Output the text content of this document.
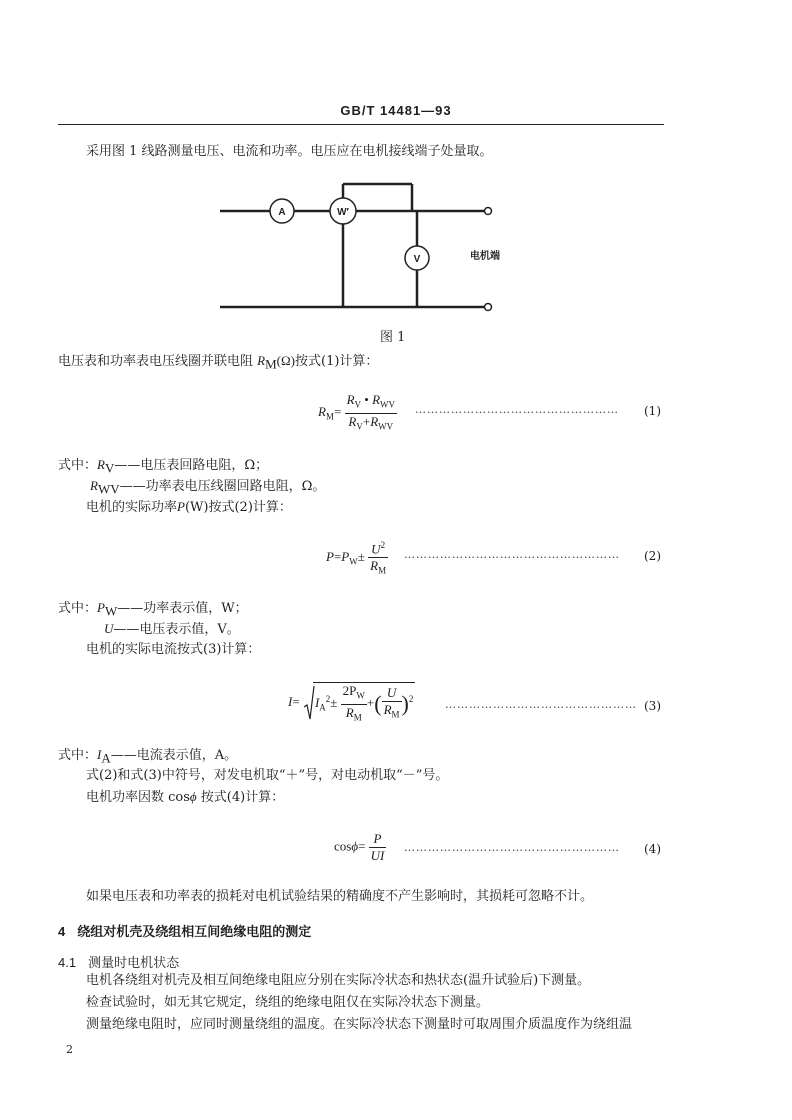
GB/T 14481—93
采用图 1 线路测量电压、电流和功率。电压应在电机接线端子处量取。
A	W′
V	电机端
图 1
电压表和功率表电压线圈并联电阻 $R_M(\Omega)$按式(1)计算：
$R_M= \frac{R_V • R_{WV}}{R_V+R_{WV}}$ …………………………………………… (1)
式中：$R_V——$电压表回路电阻，Ω；
$R_{WV}——$功率表电压线圈回路电阻，Ω。
电机的实际功率P(W)按式(2)计算：
$P=P_W\pm \frac{U^2}{R_M}$ ……………………………………………… (2)
式中：$P_W——$功率表示值，W；
U——电压表示值，V。
电机的实际电流按式(3)计算：
$I= I_A^2\pm \frac{2P_W}{R_M}$ +( $\frac{U}{R_M} )^2$	………………………………………… (3)
式中：$I_A——$电流表示值，A。
式(2)和式(3)中符号，对发电机取“＋”号，对电动机取“－”号。
电机功率因数 cosϕ 按式(4)计算：
$\cos\phi= \frac{P}{UI}$ ……………………………………………… (4)
如果电压表和功率表的损耗对电机试验结果的精确度不产生影响时，其损耗可忽略不计。
4 绕组对机壳及绕组相互间绝缘电阻的测定
4.1 测量时电机状态
电机各绕组对机壳及相互间绝缘电阻应分别在实际冷状态和热状态(温升试验后)下测量。
检查试验时，如无其它规定，绕组的绝缘电阻仅在实际冷状态下测量。
测量绝缘电阻时，应同时测量绕组的温度。在实际冷状态下测量时可取周围介质温度作为绕组温
2
